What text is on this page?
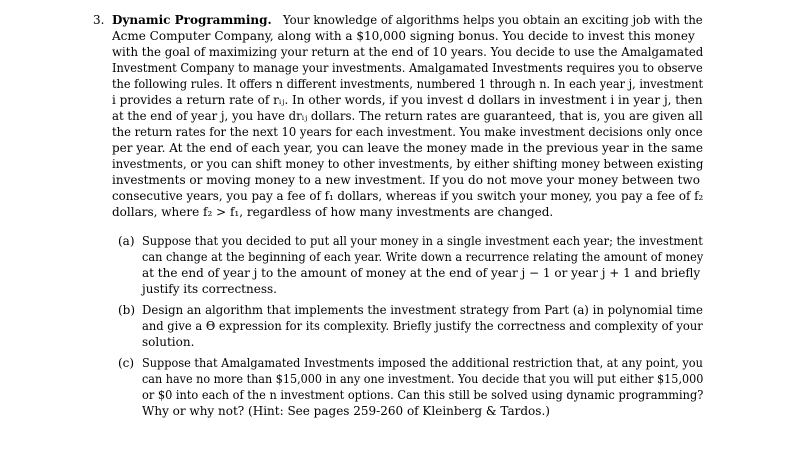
3. Dynamic Programming. Your knowledge of algorithms helps you obtain an exciting job with the
Acme Computer Company, along with a $10,000 signing bonus. You decide to invest this money
with the goal of maximizing your return at the end of 10 years. You decide to use the Amalgamated
Investment Company to manage your investments. Amalgamated Investments requires you to observe
the following rules. It offers n different investments, numbered 1 through n. In each year j, investment
i provides a return rate of rᵢⱼ. In other words, if you invest d dollars in investment i in year j, then
at the end of year j, you have drᵢⱼ dollars. The return rates are guaranteed, that is, you are given all
the return rates for the next 10 years for each investment. You make investment decisions only once
per year. At the end of each year, you can leave the money made in the previous year in the same
investments, or you can shift money to other investments, by either shifting money between existing
investments or moving money to a new investment. If you do not move your money between two
consecutive years, you pay a fee of f₁ dollars, whereas if you switch your money, you pay a fee of f₂
dollars, where f₂ > f₁, regardless of how many investments are changed.
(a) Suppose that you decided to put all your money in a single investment each year; the investment
can change at the beginning of each year. Write down a recurrence relating the amount of money
at the end of year j to the amount of money at the end of year j − 1 or year j + 1 and briefly
justify its correctness.
(b) Design an algorithm that implements the investment strategy from Part (a) in polynomial time
and give a Θ expression for its complexity. Briefly justify the correctness and complexity of your
solution.
(c) Suppose that Amalgamated Investments imposed the additional restriction that, at any point, you
can have no more than $15,000 in any one investment. You decide that you will put either $15,000
or $0 into each of the n investment options. Can this still be solved using dynamic programming?
Why or why not? (Hint: See pages 259-260 of Kleinberg & Tardos.)
